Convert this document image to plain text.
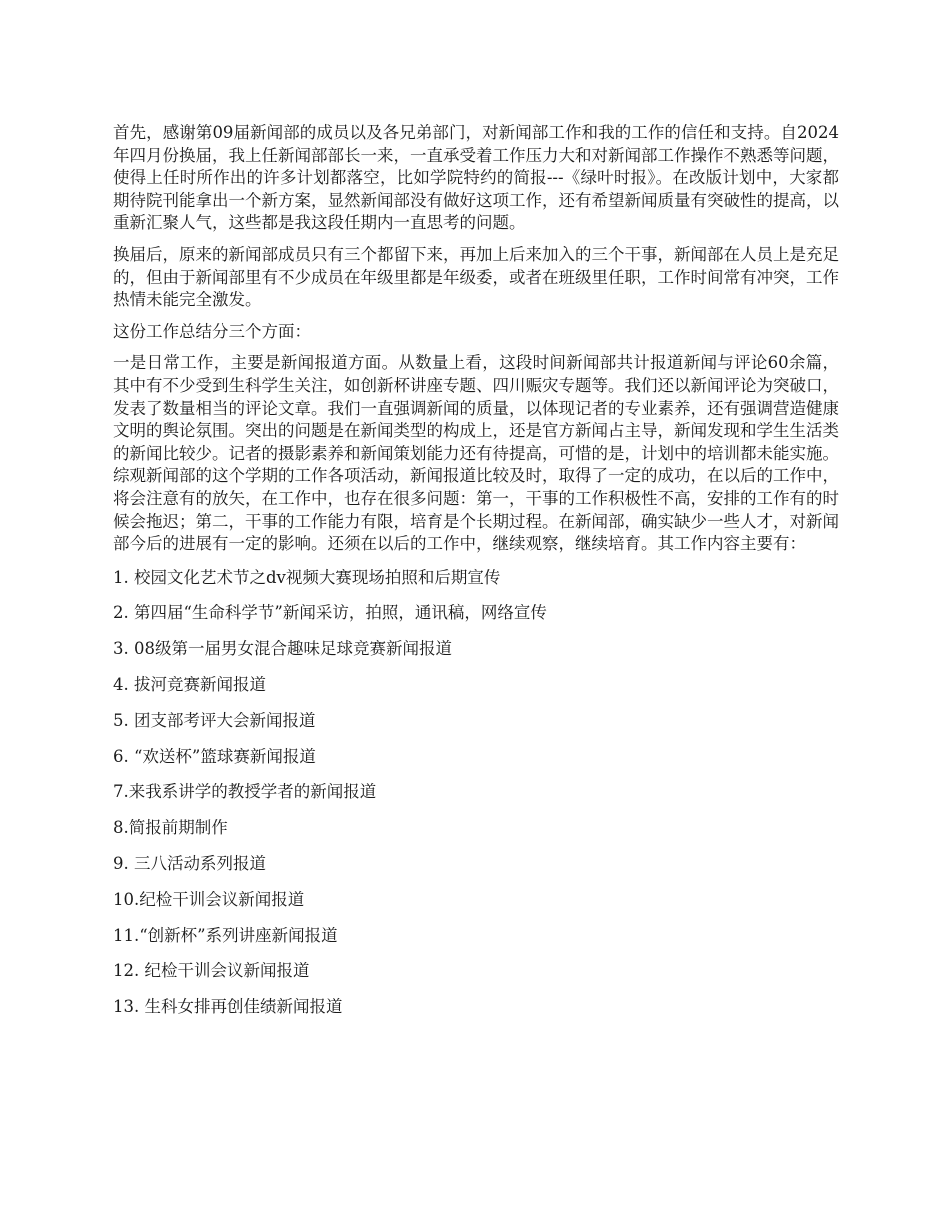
首先，感谢第09届新闻部的成员以及各兄弟部门，对新闻部工作和我的工作的信任和支持。自2024年四月份换届，我上任新闻部部长一来，一直承受着工作压力大和对新闻部工作操作不熟悉等问题，使得上任时所作出的许多计划都落空，比如学院特约的简报---《绿叶时报》。在改版计划中，大家都期待院刊能拿出一个新方案，显然新闻部没有做好这项工作，还有希望新闻质量有突破性的提高，以重新汇聚人气，这些都是我这段任期内一直思考的问题。

换届后，原来的新闻部成员只有三个都留下来，再加上后来加入的三个干事，新闻部在人员上是充足的，但由于新闻部里有不少成员在年级里都是年级委，或者在班级里任职，工作时间常有冲突，工作热情未能完全激发。

这份工作总结分三个方面：

一是日常工作，主要是新闻报道方面。从数量上看，这段时间新闻部共计报道新闻与评论60余篇，其中有不少受到生科学生关注，如创新杯讲座专题、四川赈灾专题等。我们还以新闻评论为突破口，发表了数量相当的评论文章。我们一直强调新闻的质量，以体现记者的专业素养，还有强调营造健康文明的舆论氛围。突出的问题是在新闻类型的构成上，还是官方新闻占主导，新闻发现和学生生活类的新闻比较少。记者的摄影素养和新闻策划能力还有待提高，可惜的是，计划中的培训都未能实施。综观新闻部的这个学期的工作各项活动，新闻报道比较及时，取得了一定的成功，在以后的工作中，将会注意有的放矢，在工作中，也存在很多问题：第一，干事的工作积极性不高，安排的工作有的时候会拖迟；第二，干事的工作能力有限，培育是个长期过程。在新闻部，确实缺少一些人才，对新闻部今后的进展有一定的影响。还须在以后的工作中，继续观察，继续培育。其工作内容主要有：

1. 校园文化艺术节之dv视频大赛现场拍照和后期宣传
2. 第四届“生命科学节”新闻采访，拍照，通讯稿，网络宣传
3. 08级第一届男女混合趣味足球竞赛新闻报道
4. 拔河竞赛新闻报道
5. 团支部考评大会新闻报道
6. “欢送杯”篮球赛新闻报道
7.来我系讲学的教授学者的新闻报道
8.简报前期制作
9. 三八活动系列报道
10.纪检干训会议新闻报道
11.“创新杯”系列讲座新闻报道
12. 纪检干训会议新闻报道
13. 生科女排再创佳绩新闻报道
